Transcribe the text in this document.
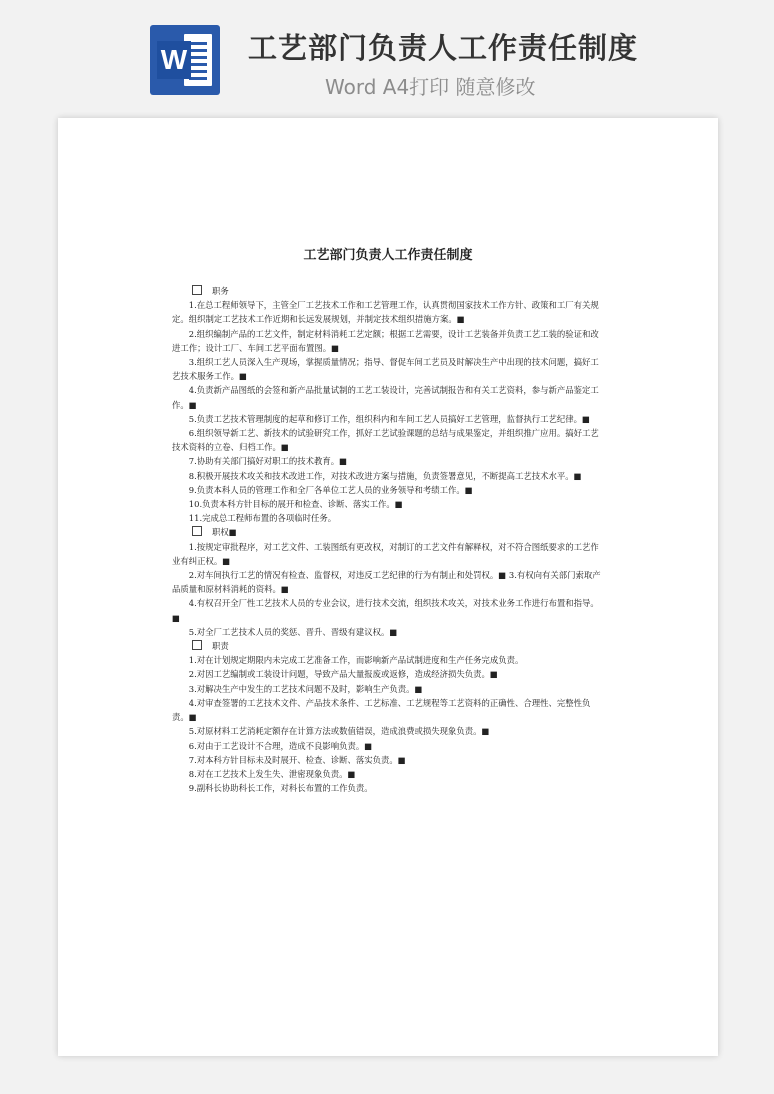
W 工艺部门负责人工作责任制度
Word A4打印 随意修改
工艺部门负责人工作责任制度
职务

1.在总工程师领导下，主管全厂工艺技术工作和工艺管理工作，认真贯彻国家技术工作方针、政策和工厂有关规定。组织制定工艺技术工作近期和长远发展规划，并制定技术组织措施方案。■

2.组织编制产品的工艺文件，制定材料消耗工艺定额；根据工艺需要，设计工艺装备并负责工艺工装的验证和改进工作；设计工厂、车间工艺平面布置图。■

3.组织工艺人员深入生产现场，掌握质量情况；指导、督促车间工艺员及时解决生产中出现的技术问题，搞好工艺技术服务工作。■

4.负责新产品图纸的会签和新产品批量试制的工艺工装设计，完善试制报告和有关工艺资料，参与新产品鉴定工作。■

5.负责工艺技术管理制度的起草和修订工作，组织科内和车间工艺人员搞好工艺管理，监督执行工艺纪律。■

6.组织领导新工艺、新技术的试验研究工作，抓好工艺试验课题的总结与成果鉴定，并组织推广应用。搞好工艺技术资料的立卷、归档工作。■

7.协助有关部门搞好对职工的技术教育。■

8.积极开展技术攻关和技术改进工作，对技术改进方案与措施，负责签署意见，不断提高工艺技术水平。■

9.负责本科人员的管理工作和全厂各单位工艺人员的业务领导和考绩工作。■

10.负责本科方针目标的展开和检查、诊断、落实工作。■

11.完成总工程师布置的各项临时任务。

职权■

1.按规定审批程序，对工艺文件、工装图纸有更改权，对制订的工艺文件有解释权，对不符合图纸要求的工艺作业有纠正权。■

2.对车间执行工艺的情况有检查、监督权，对违反工艺纪律的行为有制止和处罚权。■ 3.有权向有关部门索取产品质量和原材料消耗的资料。■

4.有权召开全厂性工艺技术人员的专业会议，进行技术交流，组织技术攻关，对技术业务工作进行布置和指导。■

5.对全厂工艺技术人员的奖惩、晋升、晋级有建议权。■

职责

1.对在计划规定期限内未完成工艺准备工作，而影响新产品试制进度和生产任务完成负责。

2.对因工艺编制或工装设计问题，导致产品大量报废或返修，造成经济损失负责。■

3.对解决生产中发生的工艺技术问题不及时，影响生产负责。■

4.对审查签署的工艺技术文件、产品技术条件、工艺标准、工艺规程等工艺资料的正确性、合理性、完整性负责。■

5.对原材料工艺消耗定额存在计算方法或数值错误，造成浪费或损失现象负责。■

6.对由于工艺设计不合理，造成不良影响负责。■

7.对本科方针目标未及时展开、检查、诊断、落实负责。■

8.对在工艺技术上发生失、泄密现象负责。■

9.副科长协助科长工作，对科长布置的工作负责。
